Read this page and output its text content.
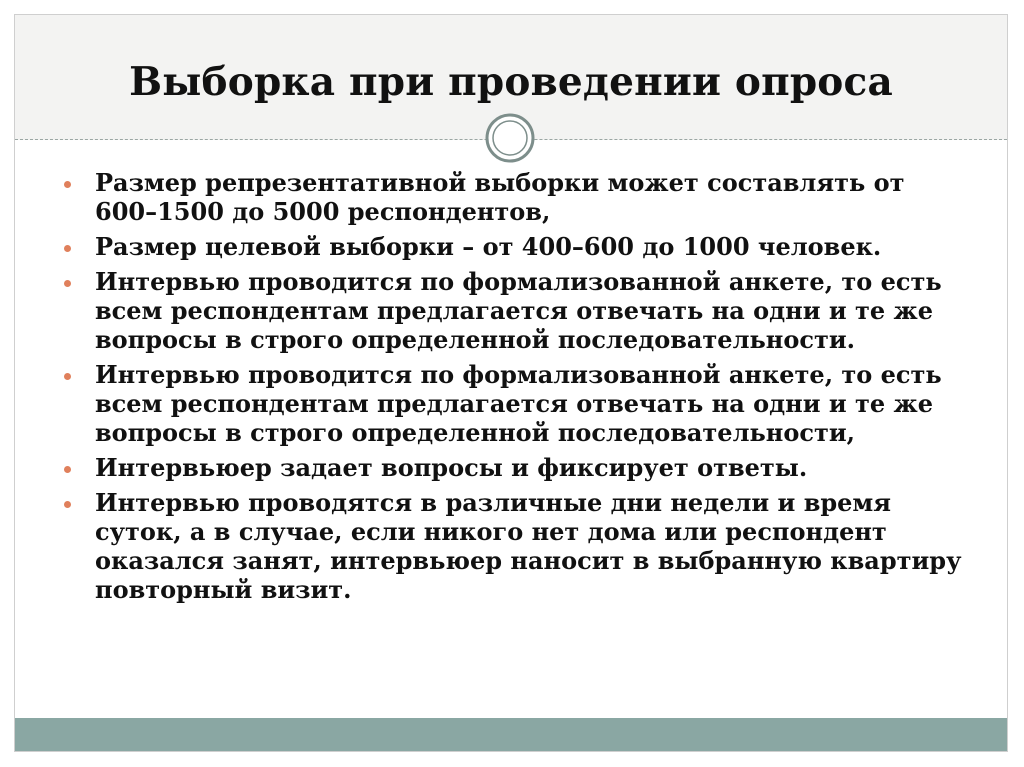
Выборка при проведении опроса
Размер репрезентативной выборки может составлять от 600–1500 до 5000 респондентов,
Размер целевой выборки – от 400–600 до 1000 человек.
Интервью проводится по формализованной анкете, то есть всем респондентам предлагается отвечать на одни и те же вопросы в строго определенной последовательности.
Интервью проводится по формализованной анкете, то есть всем респондентам предлагается отвечать на одни и те же вопросы в строго определенной последовательности,
Интервьюер задает вопросы и фиксирует ответы.
Интервью проводятся в различные дни недели и время суток, а в случае, если никого нет дома или респондент оказался занят, интервьюер наносит в выбранную квартиру повторный визит.
